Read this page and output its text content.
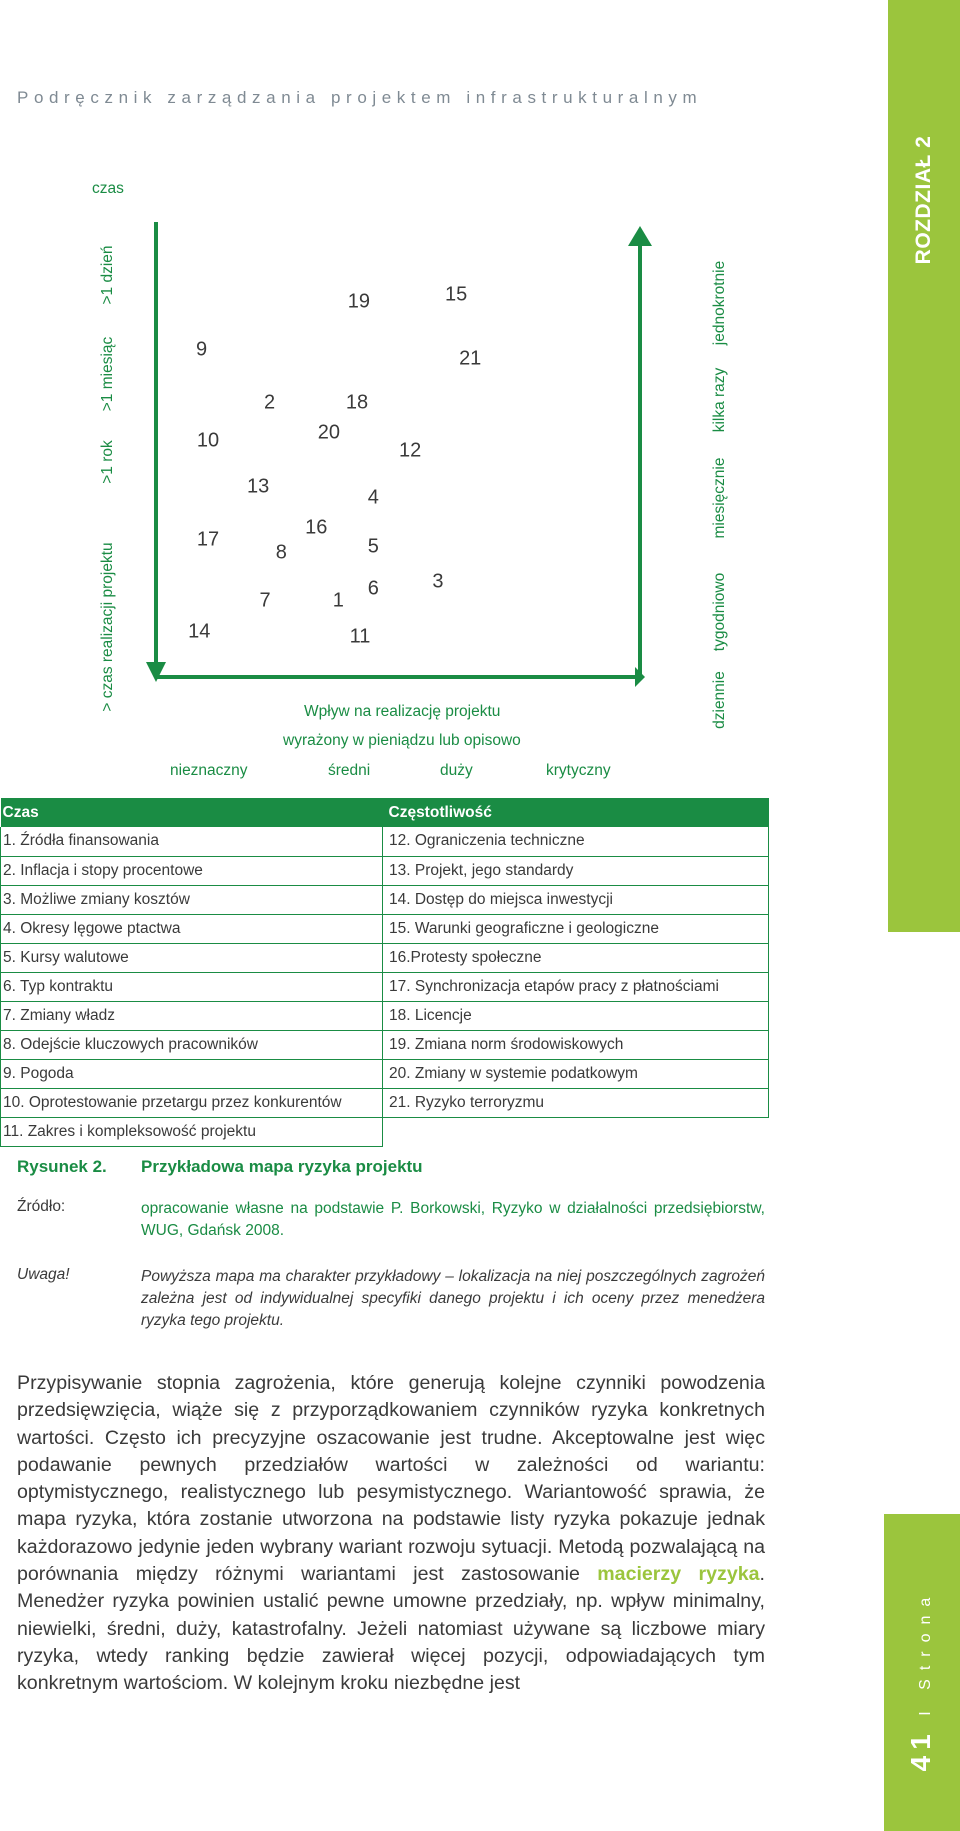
Podręcznik zarządzania projektem infrastrukturalnym
ROZDZIAŁ 2
41 I Strona
czas
> czas realizacji projektu
>1 rok
>1 miesiąc
>1 dzień
dziennie
tygodniowo
miesięcznie
kilka razy
jednokrotnie
9
19	15
21
2	18
20
10	12
13
4
16
17	5
8
3
6
7	1
14	11
Wpływ na realizację projektu
wyrażony w pieniądzu lub opisowo
nieznaczny	średni	duży	krytyczny
Czas	Częstotliwość
1. Źródła finansowania	12. Ograniczenia techniczne
2. Inflacja i stopy procentowe	13. Projekt, jego standardy
3. Możliwe zmiany kosztów	14. Dostęp do miejsca inwestycji
4. Okresy lęgowe ptactwa	15. Warunki geograficzne i geologiczne
5. Kursy walutowe	16.Protesty społeczne
6. Typ kontraktu	17. Synchronizacja etapów pracy z płatnościami
7. Zmiany władz	18. Licencje
8. Odejście kluczowych pracowników	19. Zmiana norm środowiskowych
9. Pogoda	20. Zmiany w systemie podatkowym
10. Oprotestowanie przetargu przez konkurentów	21. Ryzyko terroryzmu
11. Zakres i kompleksowość projektu	
Rysunek 2. Przykładowa mapa ryzyka projektu
Źródło:	opracowanie własne na podstawie P. Borkowski, Ryzyko w działalności przedsiębiorstw, WUG, Gdańsk 2008.
Uwaga!	Powyższa mapa ma charakter przykładowy – lokalizacja na niej poszczególnych zagrożeń zależna jest od indywidualnej specyfiki danego projektu i ich oceny przez menedżera ryzyka tego projektu.
Przypisywanie stopnia zagrożenia, które generują kolejne czynniki powodzenia przedsięwzięcia, wiąże się z przyporządkowaniem czynników ryzyka konkretnych wartości. Często ich precyzyjne oszacowanie jest trudne. Akceptowalne jest więc podawanie pewnych przedziałów wartości w zależności od wariantu: optymistycznego, realistycznego lub pesymistycznego. Wariantowość sprawia, że mapa ryzyka, która zostanie utworzona na podstawie listy ryzyka pokazuje jednak każdorazowo jedynie jeden wybrany wariant rozwoju sytuacji. Metodą pozwalającą na porównania między różnymi wariantami jest zastosowanie macierzy ryzyka. Menedżer ryzyka powinien ustalić pewne umowne przedziały, np. wpływ minimalny, niewielki, średni, duży, katastrofalny. Jeżeli natomiast używane są liczbowe miary ryzyka, wtedy ranking będzie zawierał więcej pozycji, odpowiadających tym konkretnym wartościom. W kolejnym kroku niezbędne jest
